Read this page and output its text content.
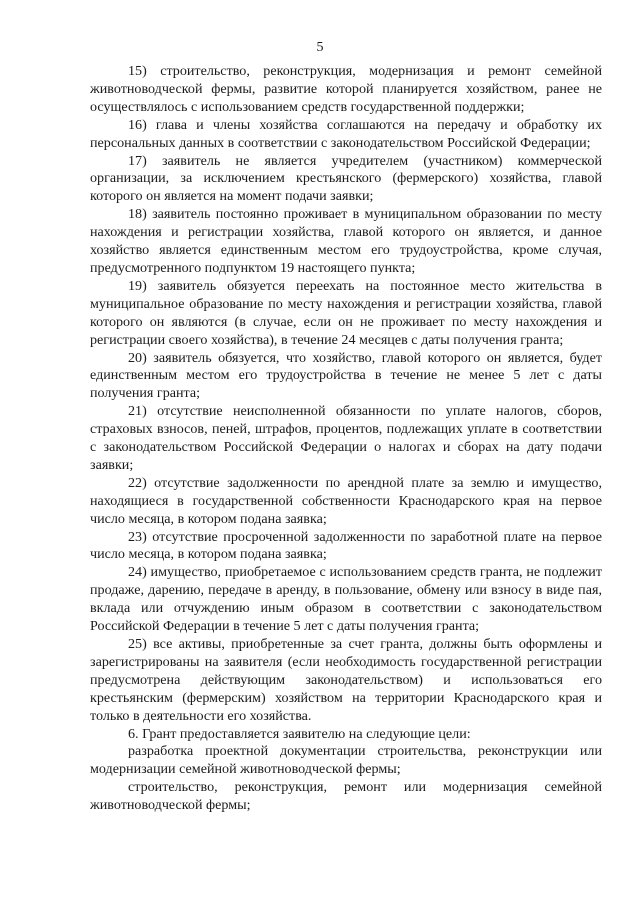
5

15) строительство, реконструкция, модернизация и ремонт семейной животноводческой фермы, развитие которой планируется хозяйством, ранее не осуществлялось с использованием средств государственной поддержки;

16) глава и члены хозяйства соглашаются на передачу и обработку их персональных данных в соответствии с законодательством Российской Федерации;

17) заявитель не является учредителем (участником) коммерческой организации, за исключением крестьянского (фермерского) хозяйства, главой которого он является на момент подачи заявки;

18) заявитель постоянно проживает в муниципальном образовании по месту нахождения и регистрации хозяйства, главой которого он является, и данное хозяйство является единственным местом его трудоустройства, кроме случая, предусмотренного подпунктом 19 настоящего пункта;

19) заявитель обязуется переехать на постоянное место жительства в муниципальное образование по месту нахождения и регистрации хозяйства, главой которого он являются (в случае, если он не проживает по месту нахождения и регистрации своего хозяйства), в течение 24 месяцев с даты получения гранта;

20) заявитель обязуется, что хозяйство, главой которого он является, будет единственным местом его трудоустройства в течение не менее 5 лет с даты получения гранта;

21) отсутствие неисполненной обязанности по уплате налогов, сборов, страховых взносов, пеней, штрафов, процентов, подлежащих уплате в соответствии с законодательством Российской Федерации о налогах и сборах на дату подачи заявки;

22) отсутствие задолженности по арендной плате за землю и имущество, находящиеся в государственной собственности Краснодарского края на первое число месяца, в котором подана заявка;

23) отсутствие просроченной задолженности по заработной плате на первое число месяца, в котором подана заявка;

24) имущество, приобретаемое с использованием средств гранта, не подлежит продаже, дарению, передаче в аренду, в пользование, обмену или взносу в виде пая, вклада или отчуждению иным образом в соответствии с законодательством Российской Федерации в течение 5 лет с даты получения гранта;

25) все активы, приобретенные за счет гранта, должны быть оформлены и зарегистрированы на заявителя (если необходимость государственной регистрации предусмотрена действующим законодательством) и использоваться его крестьянским (фермерским) хозяйством на территории Краснодарского края и только в деятельности его хозяйства.

6. Грант предоставляется заявителю на следующие цели:

разработка проектной документации строительства, реконструкции или модернизации семейной животноводческой фермы;

строительство, реконструкция, ремонт или модернизация семейной животноводческой фермы;
